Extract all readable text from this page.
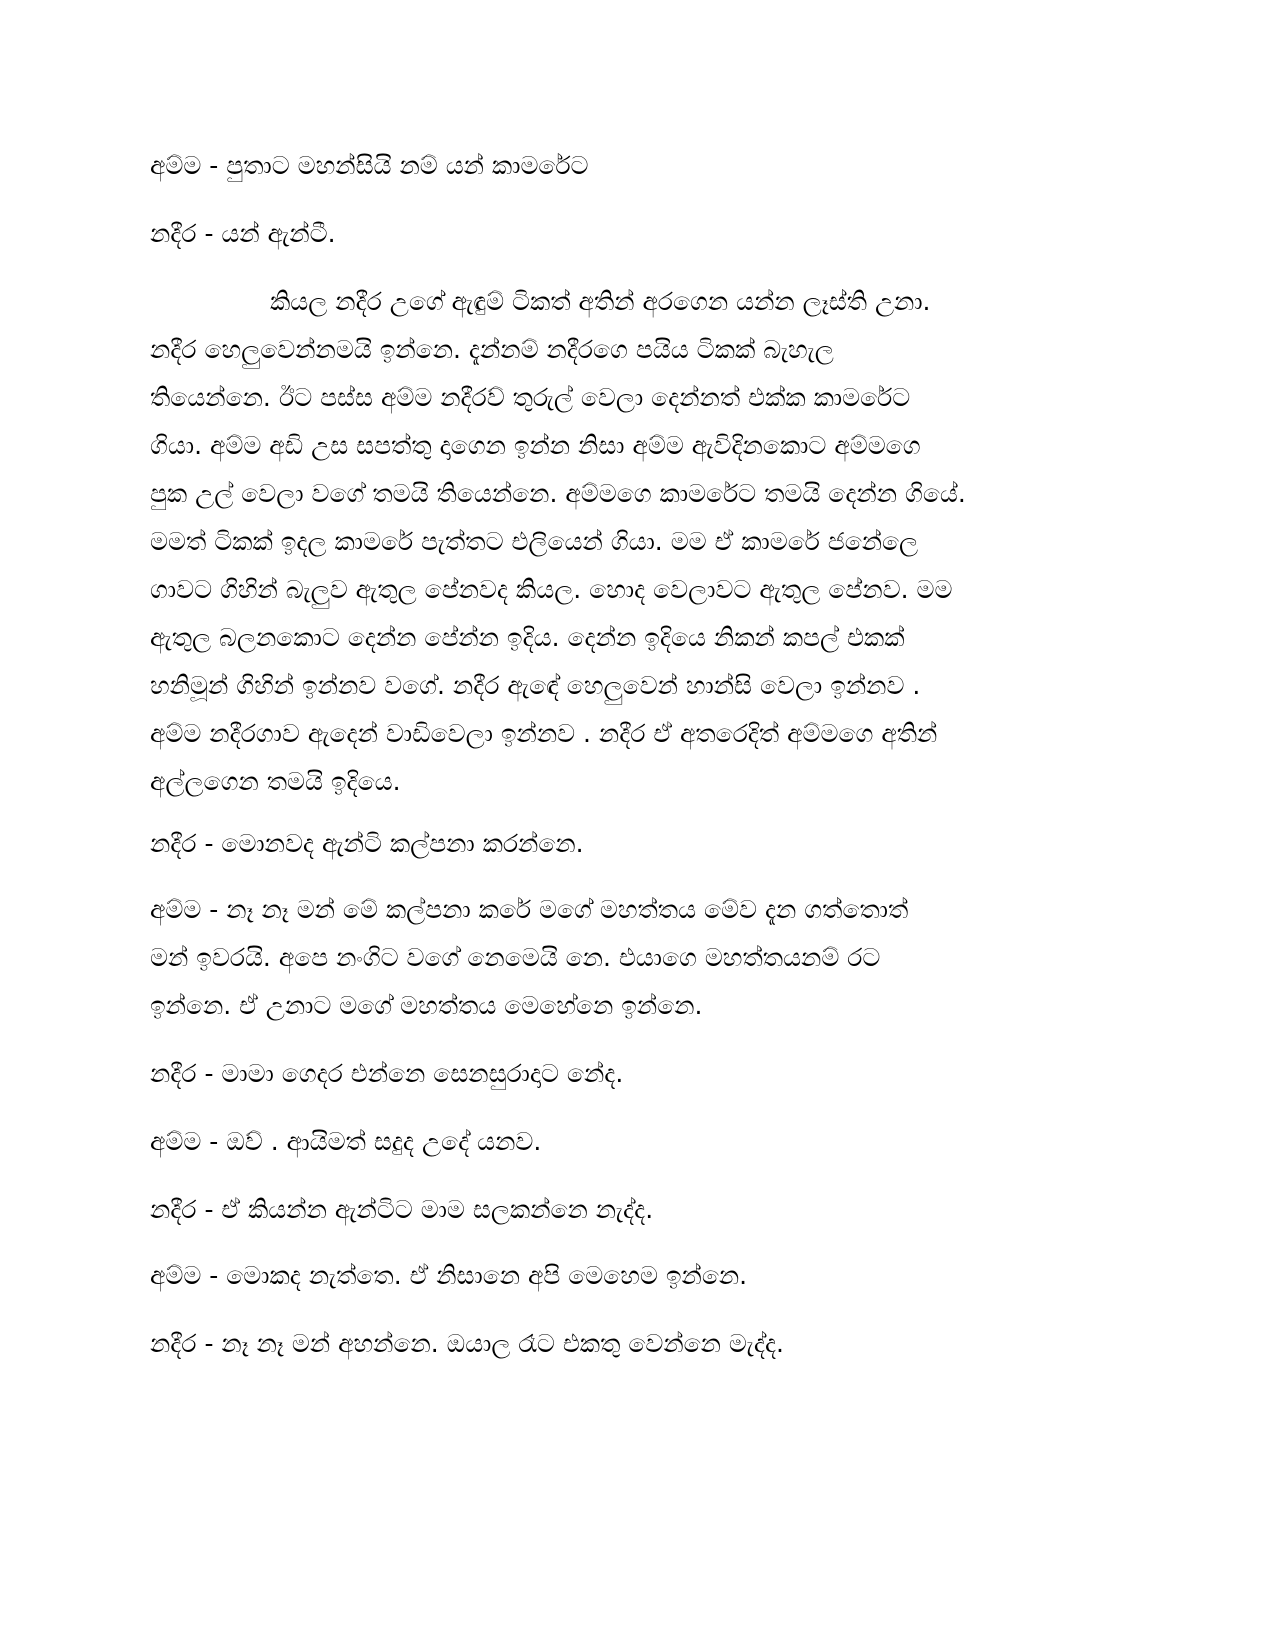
අම්ම - පුතාට මහන්සියි නම් යන් කාමරේට
නදීර - යන් ඇන්ටී.
කියල නදීර උගේ ඇඳුම් ටිකත් අතින් අරගෙන යන්න ලෑස්ති උනා.
නදීර හෙලුවෙන්නමයි ඉන්නෙ. දැන්නම් නදීරගෙ පයිය ටිකක් බැහැල
තියෙන්නෙ. ඊට පස්ස අම්ම නදීරව් තුරුල් වෙලා දෙන්නත් එක්ක කාමරේට
ගියා. අම්ම අඩි උස සපත්තු දාගෙන ඉන්න නිසා අම්ම ඇවිදිනකොට අම්මගෙ
පුක උල් වෙලා වගේ තමයි තියෙන්නෙ. අම්මගෙ කාමරේට තමයි දෙන්න ගියේ.
මමත් ටිකක් ඉදල කාමරේ පැත්තට එලියෙන් ගියා. මම ඒ කාමරේ ජනේලෙ
ගාවට ගිහින් බැලුව ඇතුල පේනවද කියල. හොද වෙලාවට ඇතුල පේනව. මම
ඇතුල බලනකොට දෙන්න පේන්න ඉදිය. දෙන්න ඉදියෙ නිකන් කපල් එකක්
හනිමූන් ගිහින් ඉන්නව වගේ. නදීර ඇඳේ හෙලුවෙන් හාන්සි වෙලා ඉන්නව .
අම්ම නදීරගාව ඇදෙන් වාඩිවෙලා ඉන්නව . නදීර ඒ අතරෙදිත් අම්මගෙ අතින්
අල්ලගෙන තමයි ඉදියෙ.
නදීර - මොනවද ඇන්ටි කල්පනා කරන්නෙ.
අම්ම - නෑ නෑ මන් මේ කල්පනා කරේ මගේ මහත්තය මේව දැන ගත්තොත්
මන් ඉවරයි. අපෙ නංගිට වගේ නෙමෙයි නෙ. එයාගෙ මහත්තයනම් රට
ඉන්නෙ. ඒ උනාට මගේ මහත්තය මෙහේනෙ ඉන්නෙ.
නදීර - මාමා ගෙදර එන්නෙ සෙනසුරාදාට නේද.
අම්ම - ඔව් . ආයිමත් සදුද උදේ යනව.
නදීර - ඒ කියන්න ඇන්ටිට මාම සලකන්නෙ නැද්ද.
අම්ම - මොකද නැත්තෙ. ඒ නිසානෙ අපි මෙහෙම ඉන්නෙ.
නදීර - නෑ නෑ මන් අහන්නෙ. ඔයාල රෑට එකතු වෙන්නෙ මැද්ද.
